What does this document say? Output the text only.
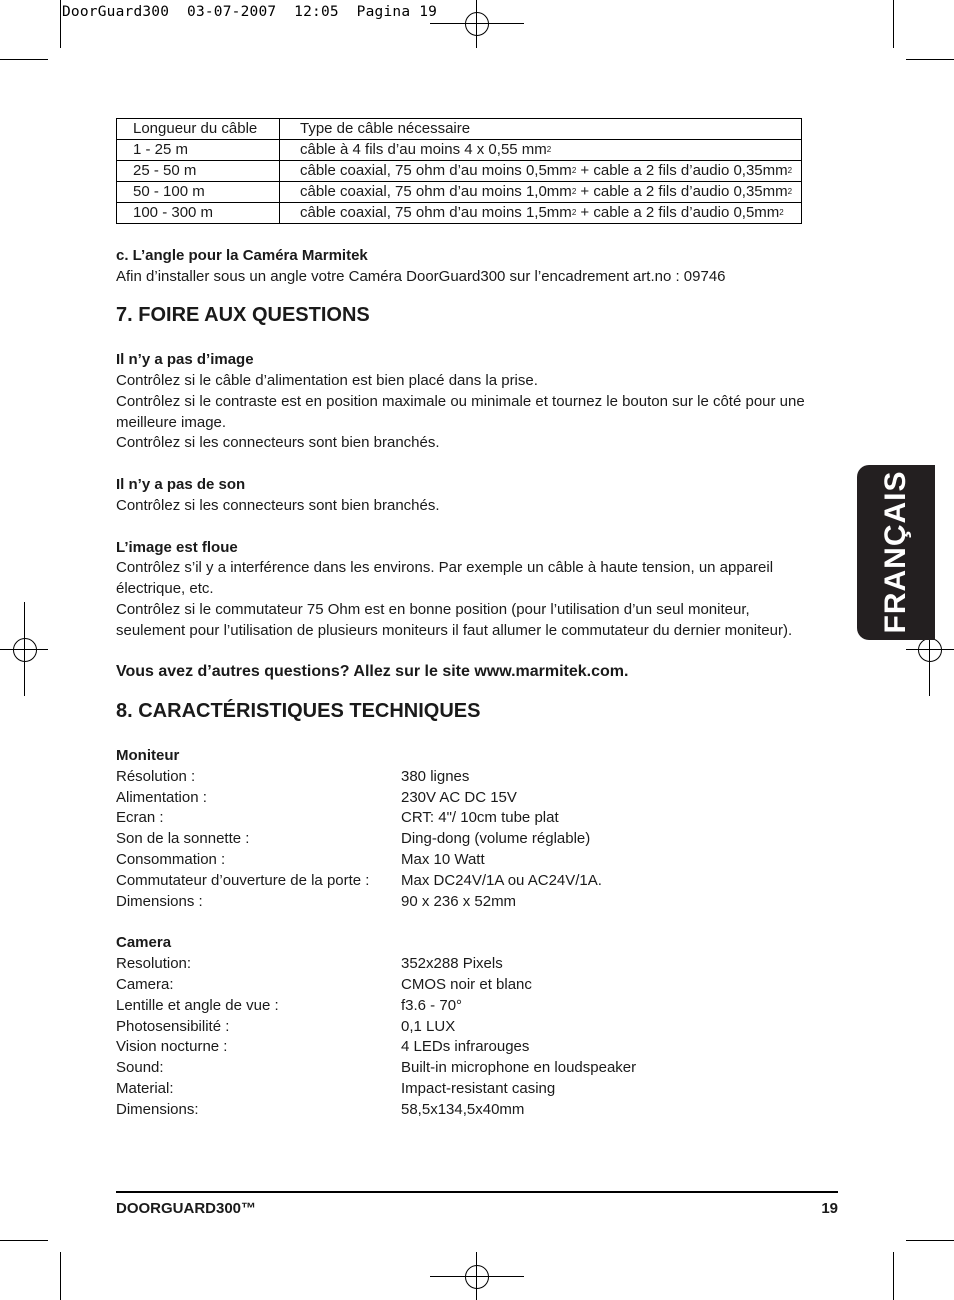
DoorGuard300  03-07-2007  12:05  Pagina 19
Longueur du câble	Type de câble nécessaire
1 - 25 m	câble à 4 fils d’au moins 4 x 0,55 $mm^2$
25 - 50 m	câble coaxial, 75 ohm d’au moins $0,5mm^2$ + cable a 2 fils d’audio $0,35mm^2$
50 - 100 m	câble coaxial, 75 ohm d’au moins $1,0mm^2$ + cable a 2 fils d’audio $0,35mm^2$
100 - 300 m	câble coaxial, 75 ohm d’au moins $1,5mm^2$ + cable a 2 fils d’audio $0,5mm^2$
c. L’angle pour la Caméra Marmitek
Afin d’installer sous un angle votre Caméra DoorGuard300 sur l’encadrement art.no : 09746
7. FOIRE AUX QUESTIONS
Il n’y a pas d’image
Contrôlez si le câble d’alimentation est bien placé dans la prise.
Contrôlez si le contraste est en position maximale ou minimale et tournez le bouton sur le côté pour une
meilleure image.
Contrôlez si les connecteurs sont bien branchés.
Il n’y a pas de son
Contrôlez si les connecteurs sont bien branchés.
L’image est floue
Contrôlez s’il y a interférence dans les environs. Par exemple un câble à haute tension, un appareil
électrique, etc.
Contrôlez si le commutateur 75 Ohm est en bonne position (pour l’utilisation d’un seul moniteur,
seulement pour l’utilisation de plusieurs moniteurs il faut allumer le commutateur du dernier moniteur).
Vous avez d’autres questions? Allez sur le site www.marmitek.com.
8. CARACTÉRISTIQUES TECHNIQUES
Moniteur
Résolution :	380 lignes
Alimentation :	230V AC DC 15V
Ecran :	CRT: 4"/ 10cm tube plat
Son de la sonnette :	Ding-dong (volume réglable)
Consommation :	Max 10 Watt
Commutateur d’ouverture de la porte : Max DC24V/1A ou AC24V/1A.
Dimensions :	90 x 236 x 52mm
Camera
Resolution:	352x288 Pixels
Camera:	CMOS noir et blanc
Lentille et angle de vue :	f3.6 - 70°
Photosensibilité :	0,1 LUX
Vision nocturne :	4 LEDs infrarouges
Sound:	Built-in microphone en loudspeaker
Material:	Impact-resistant casing
Dimensions:	58,5x134,5x40mm
FRANÇAIS
DOORGUARD300™	19
